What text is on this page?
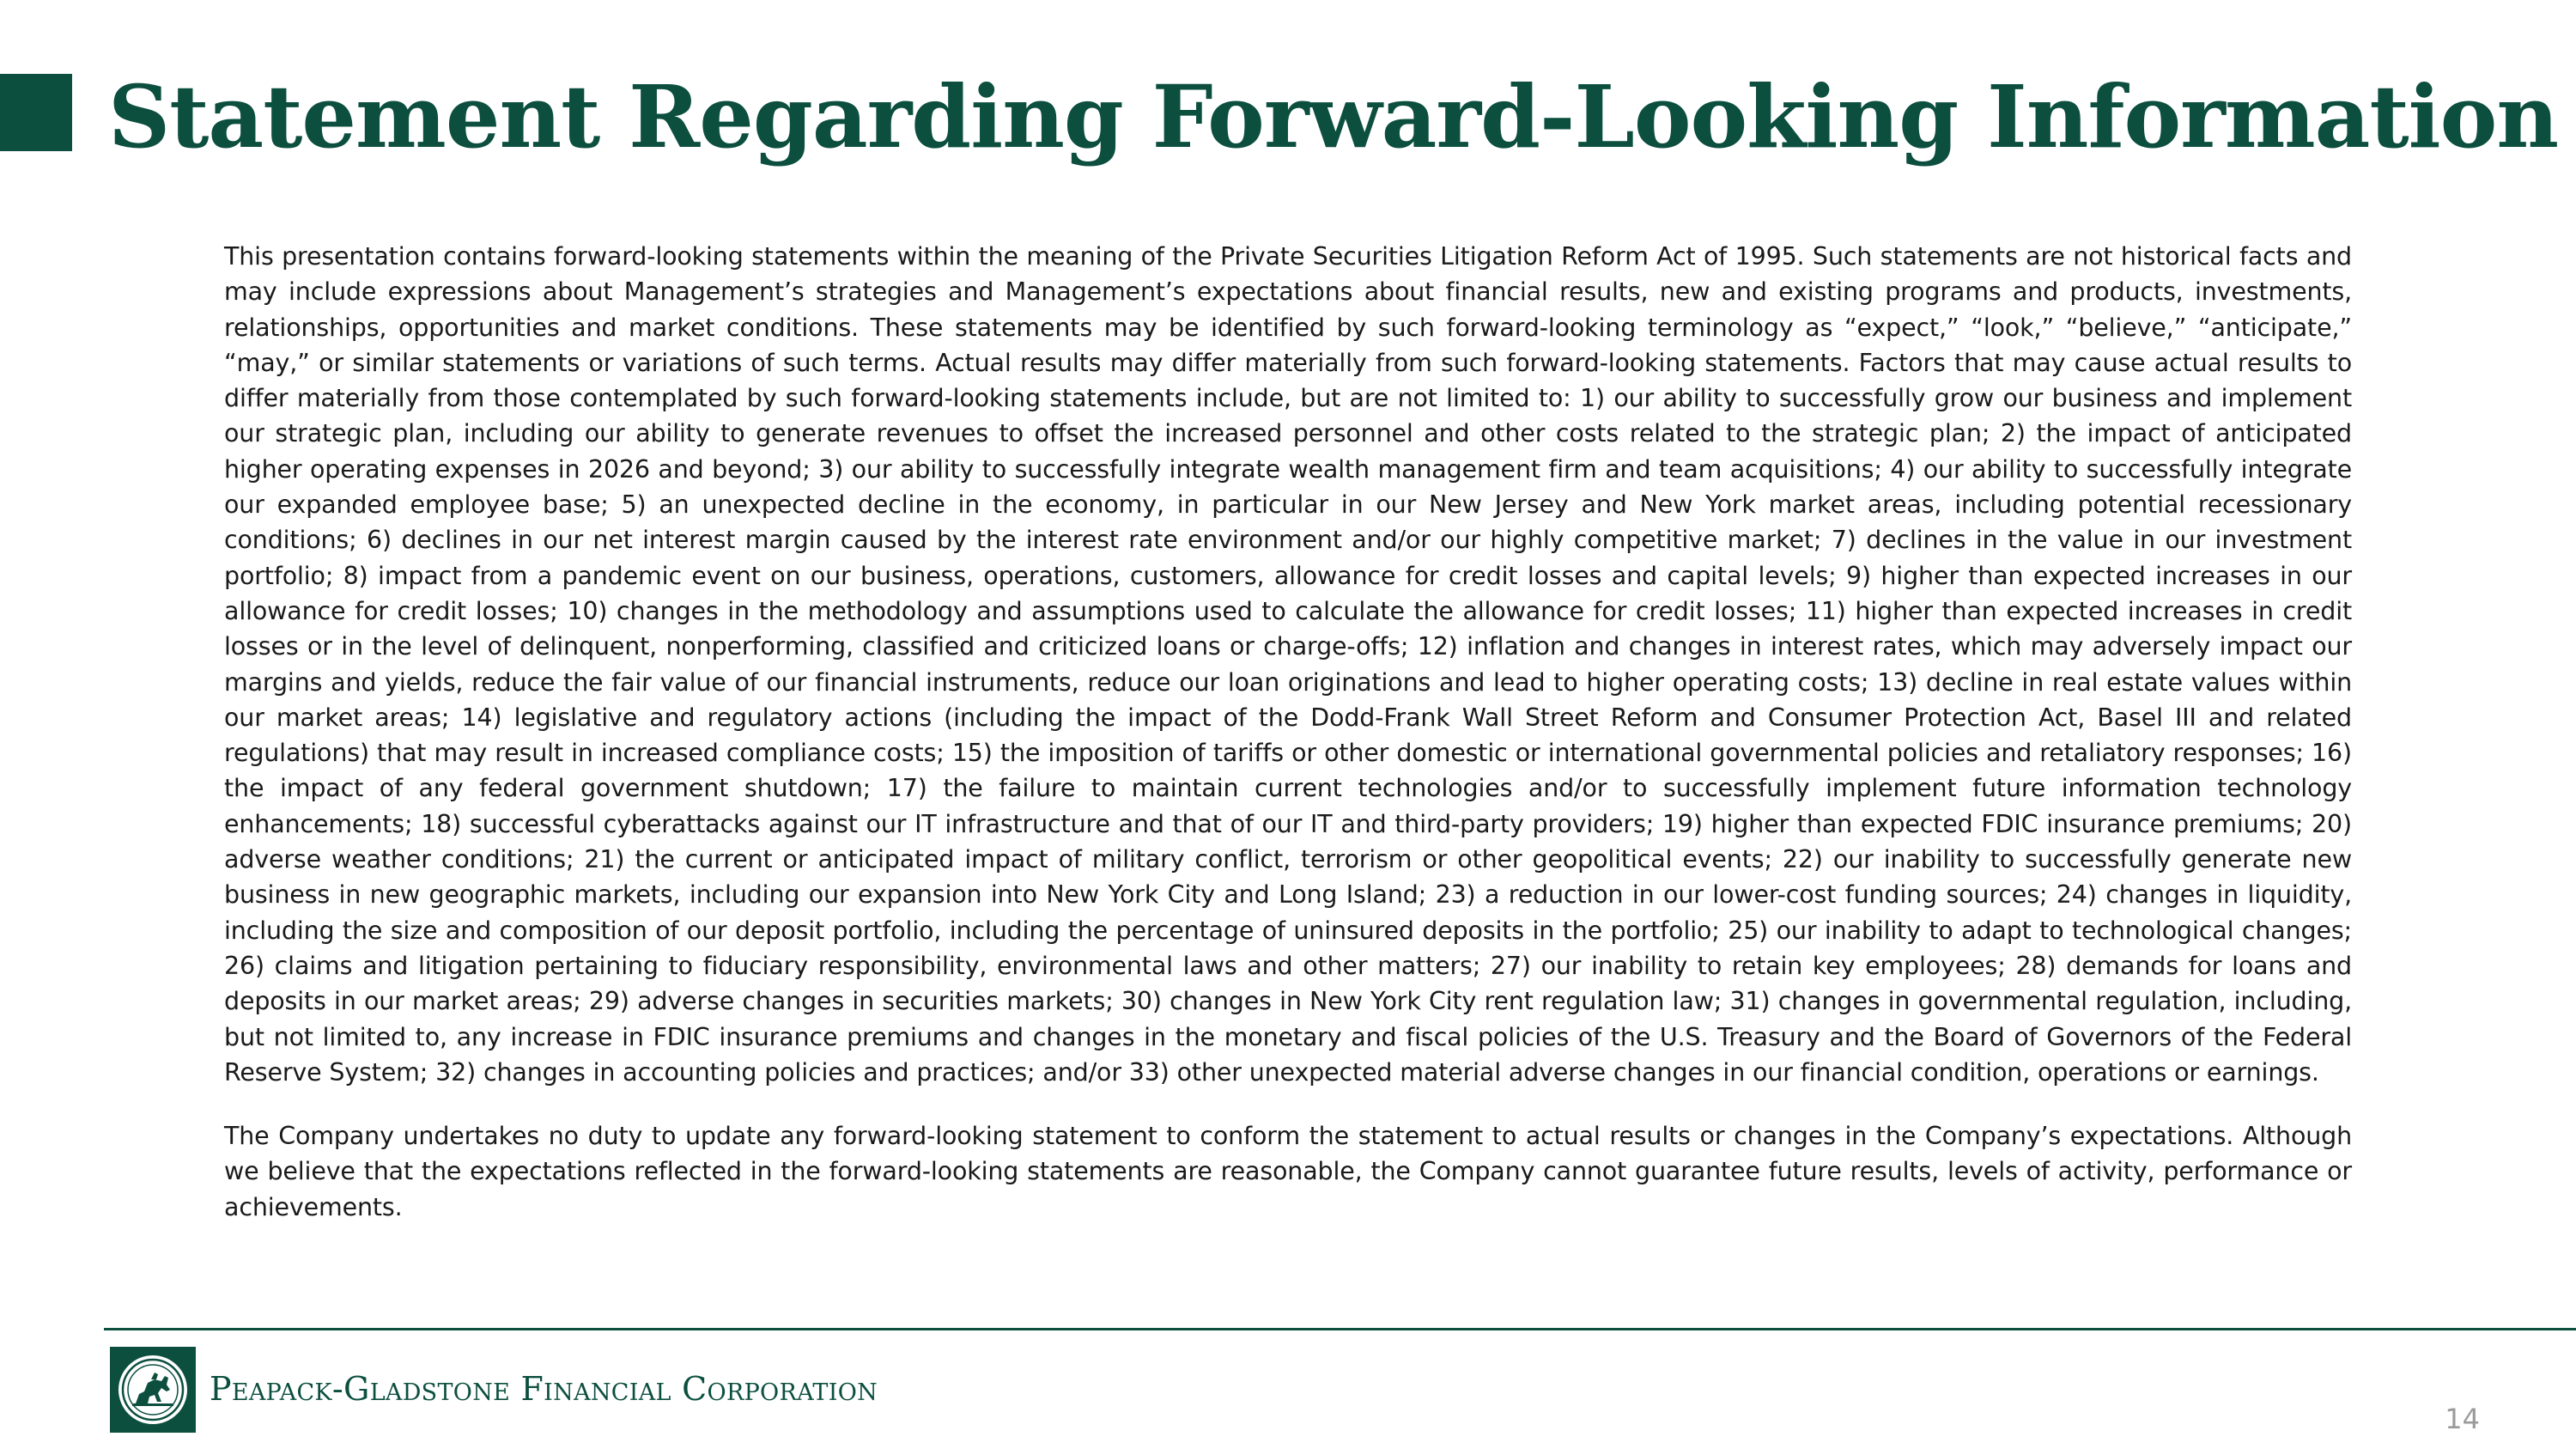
Statement Regarding Forward-Looking Information

This presentation contains forward-looking statements within the meaning of the Private Securities Litigation Reform Act of 1995. Such statements are not historical facts and may include expressions about Management’s strategies and Management’s expectations about financial results, new and existing programs and products, investments, relationships, opportunities and market conditions. These statements may be identified by such forward-looking terminology as “expect,” “look,” “believe,” “anticipate,” “may,” or similar statements or variations of such terms. Actual results may differ materially from such forward-looking statements. Factors that may cause actual results to differ materially from those contemplated by such forward-looking statements include, but are not limited to: 1) our ability to successfully grow our business and implement our strategic plan, including our ability to generate revenues to offset the increased personnel and other costs related to the strategic plan; 2) the impact of anticipated higher operating expenses in 2026 and beyond; 3) our ability to successfully integrate wealth management firm and team acquisitions; 4) our ability to successfully integrate our expanded employee base; 5) an unexpected decline in the economy, in particular in our New Jersey and New York market areas, including potential recessionary conditions; 6) declines in our net interest margin caused by the interest rate environment and/or our highly competitive market; 7) declines in the value in our investment portfolio; 8) impact from a pandemic event on our business, operations, customers, allowance for credit losses and capital levels; 9) higher than expected increases in our allowance for credit losses; 10) changes in the methodology and assumptions used to calculate the allowance for credit losses; 11) higher than expected increases in credit losses or in the level of delinquent, nonperforming, classified and criticized loans or charge-offs; 12) inflation and changes in interest rates, which may adversely impact our margins and yields, reduce the fair value of our financial instruments, reduce our loan originations and lead to higher operating costs; 13) decline in real estate values within our market areas; 14) legislative and regulatory actions (including the impact of the Dodd-Frank Wall Street Reform and Consumer Protection Act, Basel III and related regulations) that may result in increased compliance costs; 15) the imposition of tariffs or other domestic or international governmental policies and retaliatory responses; 16) the impact of any federal government shutdown; 17) the failure to maintain current technologies and/or to successfully implement future information technology enhancements; 18) successful cyberattacks against our IT infrastructure and that of our IT and third-party providers; 19) higher than expected FDIC insurance premiums; 20) adverse weather conditions; 21) the current or anticipated impact of military conflict, terrorism or other geopolitical events; 22) our inability to successfully generate new business in new geographic markets, including our expansion into New York City and Long Island; 23) a reduction in our lower-cost funding sources; 24) changes in liquidity, including the size and composition of our deposit portfolio, including the percentage of uninsured deposits in the portfolio; 25) our inability to adapt to technological changes; 26) claims and litigation pertaining to fiduciary responsibility, environmental laws and other matters; 27) our inability to retain key employees; 28) demands for loans and deposits in our market areas; 29) adverse changes in securities markets; 30) changes in New York City rent regulation law; 31) changes in governmental regulation, including, but not limited to, any increase in FDIC insurance premiums and changes in the monetary and fiscal policies of the U.S. Treasury and the Board of Governors of the Federal Reserve System; 32) changes in accounting policies and practices; and/or 33) other unexpected material adverse changes in our financial condition, operations or earnings.

The Company undertakes no duty to update any forward-looking statement to conform the statement to actual results or changes in the Company’s expectations. Although we believe that the expectations reflected in the forward-looking statements are reasonable, the Company cannot guarantee future results, levels of activity, performance or achievements.

Peapack-Gladstone Financial Corporation
14
